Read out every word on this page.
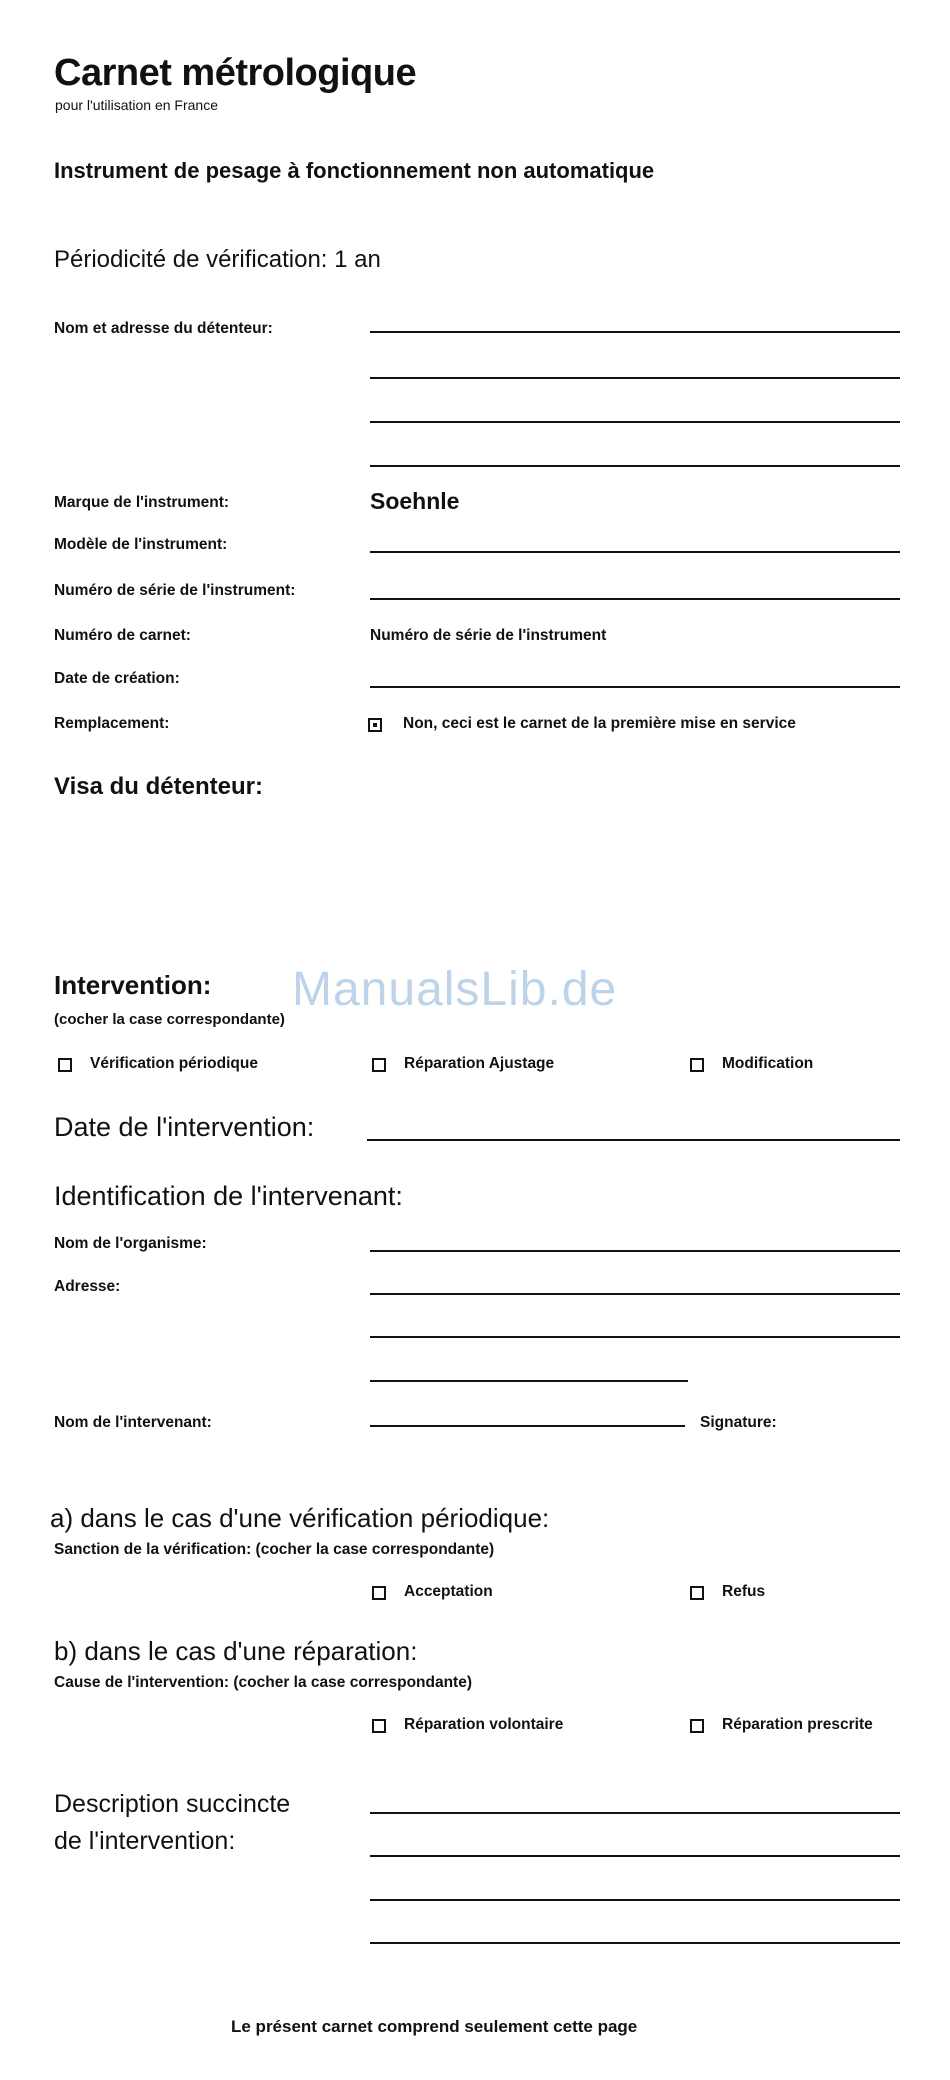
Carnet métrologique
pour l'utilisation en France
Instrument de pesage à fonctionnement non automatique
Périodicité de vérification: 1 an
Nom et adresse du détenteur:
Marque de l'instrument:	Soehnle
Modèle de l'instrument:
Numéro de série de l'instrument:
Numéro de carnet:	Numéro de série de l'instrument
Date de création:
Remplacement:	Non, ceci est le carnet de la première mise en service
Visa du détenteur:
ManualsLib.de
Intervention:
(cocher la case correspondante)
Vérification périodique	Réparation Ajustage	Modification
Date de l'intervention:
Identification de l'intervenant:
Nom de l'organisme:
Adresse:
Nom de l'intervenant:	Signature:
a) dans le cas d'une vérification périodique:
Sanction de la vérification: (cocher la case correspondante)
Acceptation	Refus
b) dans le cas d'une réparation:
Cause de l'intervention: (cocher la case correspondante)
Réparation volontaire	Réparation prescrite
Description succincte
de l'intervention:
Le présent carnet comprend seulement cette page
